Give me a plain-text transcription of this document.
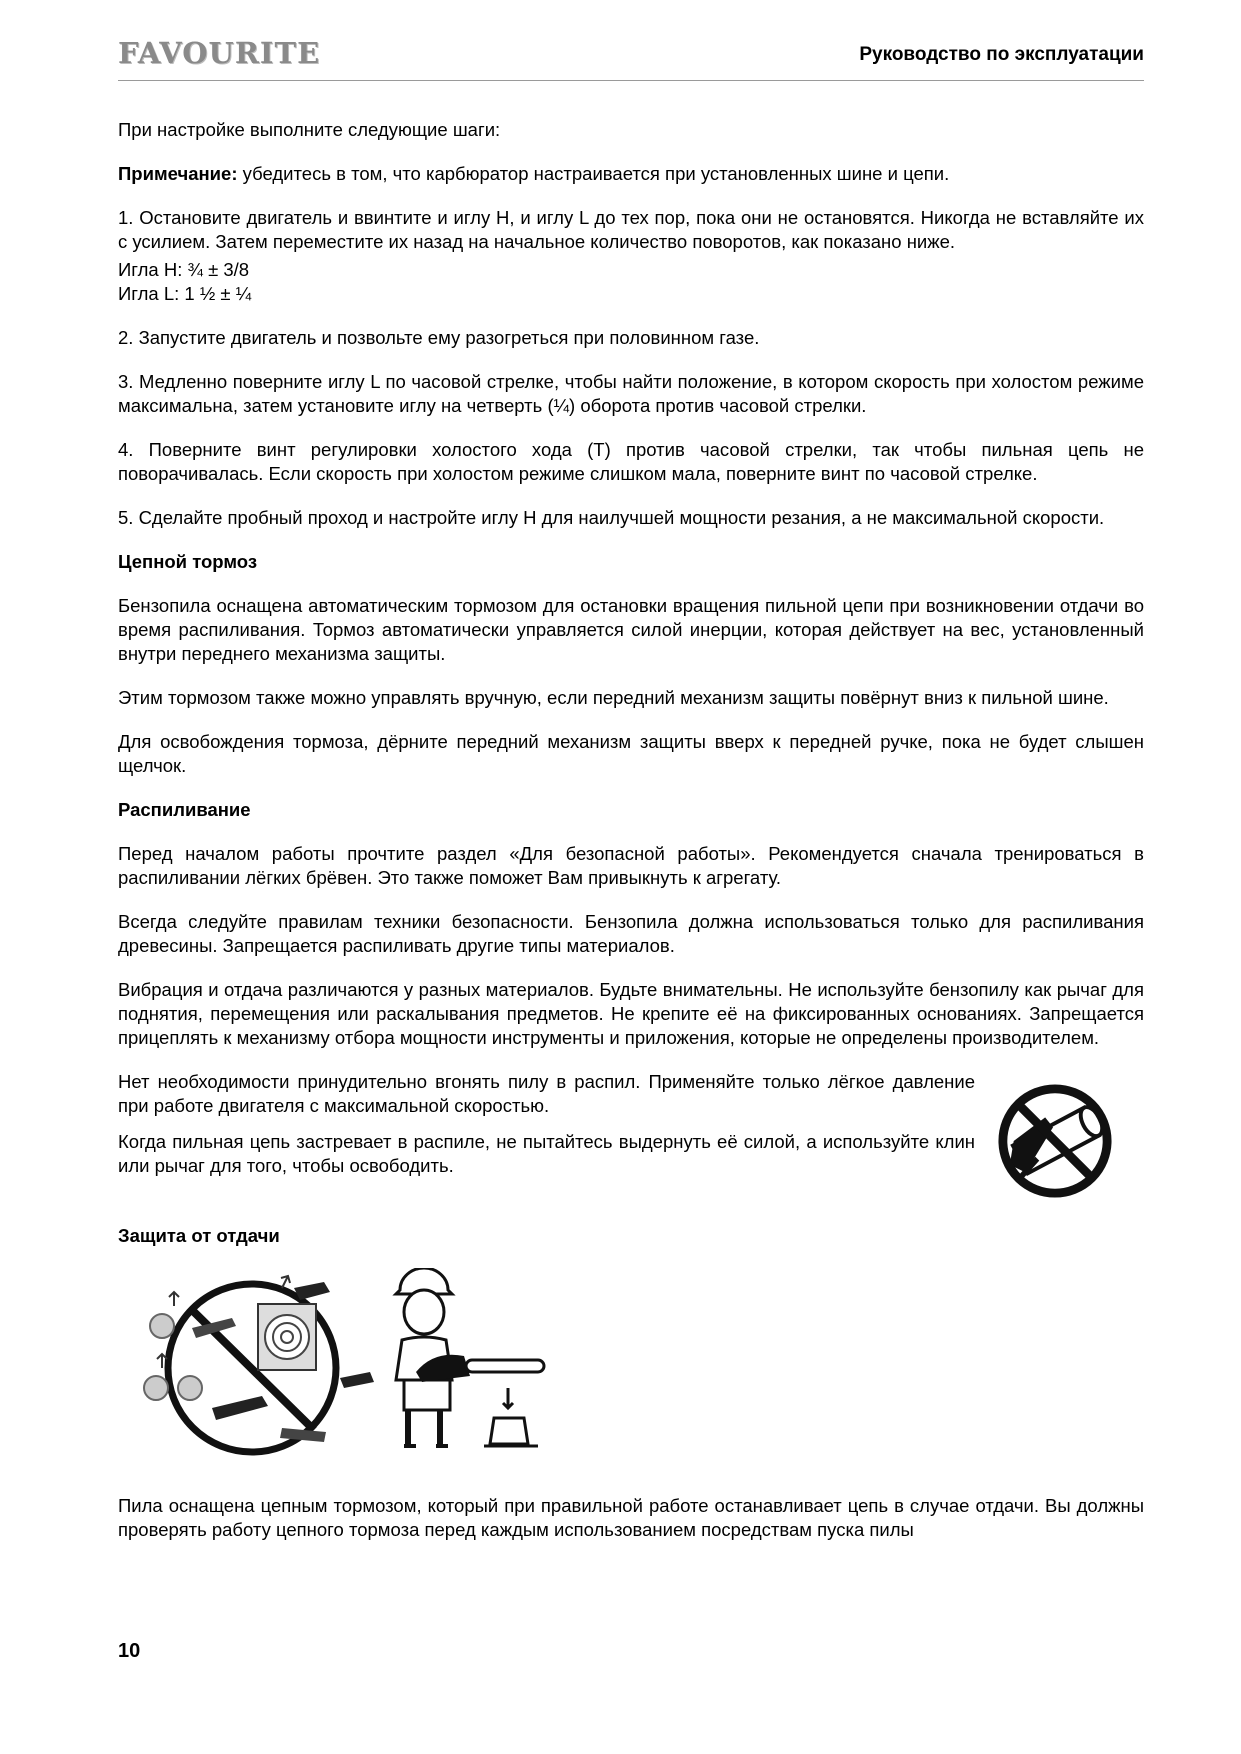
FAVOURITE	Руководство по эксплуатации

При настройке выполните следующие шаги:

Примечание: убедитесь в том, что карбюратор настраивается при установленных шине и цепи.

1. Остановите двигатель и ввинтите и иглу H, и иглу L до тех пор, пока они не остановятся. Никогда не вставляйте их с усилием. Затем переместите их назад на начальное количество поворотов, как показано ниже.

Игла H: ¾ ± 3/8
Игла L: 1 ½ ± ¼

2. Запустите двигатель и позвольте ему разогреться при половинном газе.

3. Медленно поверните иглу L по часовой стрелке, чтобы найти положение, в котором скорость при холостом режиме максимальна, затем установите иглу на четверть (¼) оборота против часовой стрелки.

4. Поверните винт регулировки холостого хода (T) против часовой стрелки, так чтобы пильная цепь не поворачивалась. Если скорость при холостом режиме слишком мала, поверните винт по часовой стрелке.

5. Сделайте пробный проход и настройте иглу H для наилучшей мощности резания, а не максимальной скорости.

Цепной тормоз

Бензопила оснащена автоматическим тормозом для остановки вращения пильной цепи при возникновении отдачи во время распиливания. Тормоз автоматически управляется силой инерции, которая действует на вес, установленный внутри переднего механизма защиты.

Этим тормозом также можно управлять вручную, если передний механизм защиты повёрнут вниз к пильной шине.

Для освобождения тормоза, дёрните передний механизм защиты вверх к передней ручке, пока не будет слышен щелчок.

Распиливание

Перед началом работы прочтите раздел «Для безопасной работы». Рекомендуется сначала тренироваться в распиливании лёгких брёвен. Это также поможет Вам привыкнуть к агрегату.

Всегда следуйте правилам техники безопасности. Бензопила должна использоваться только для распиливания древесины. Запрещается распиливать другие типы материалов.

Вибрация и отдача различаются у разных материалов. Будьте внимательны. Не используйте бензопилу как рычаг для поднятия, перемещения или раскалывания предметов. Не крепите её на фиксированных основаниях. Запрещается прицеплять к механизму отбора мощности инструменты и приложения, которые не определены производителем.

Нет необходимости принудительно вгонять пилу в распил. Применяйте только лёгкое давление при работе двигателя с максимальной скоростью.

Когда пильная цепь застревает в распиле, не пытайтесь выдернуть её силой, а используйте клин или рычаг для того, чтобы освободить.

Защита от отдачи

Пила оснащена цепным тормозом, который при правильной работе останавливает цепь в случае отдачи. Вы должны проверять работу цепного тормоза перед каждым использованием посредствам пуска пилы

10
